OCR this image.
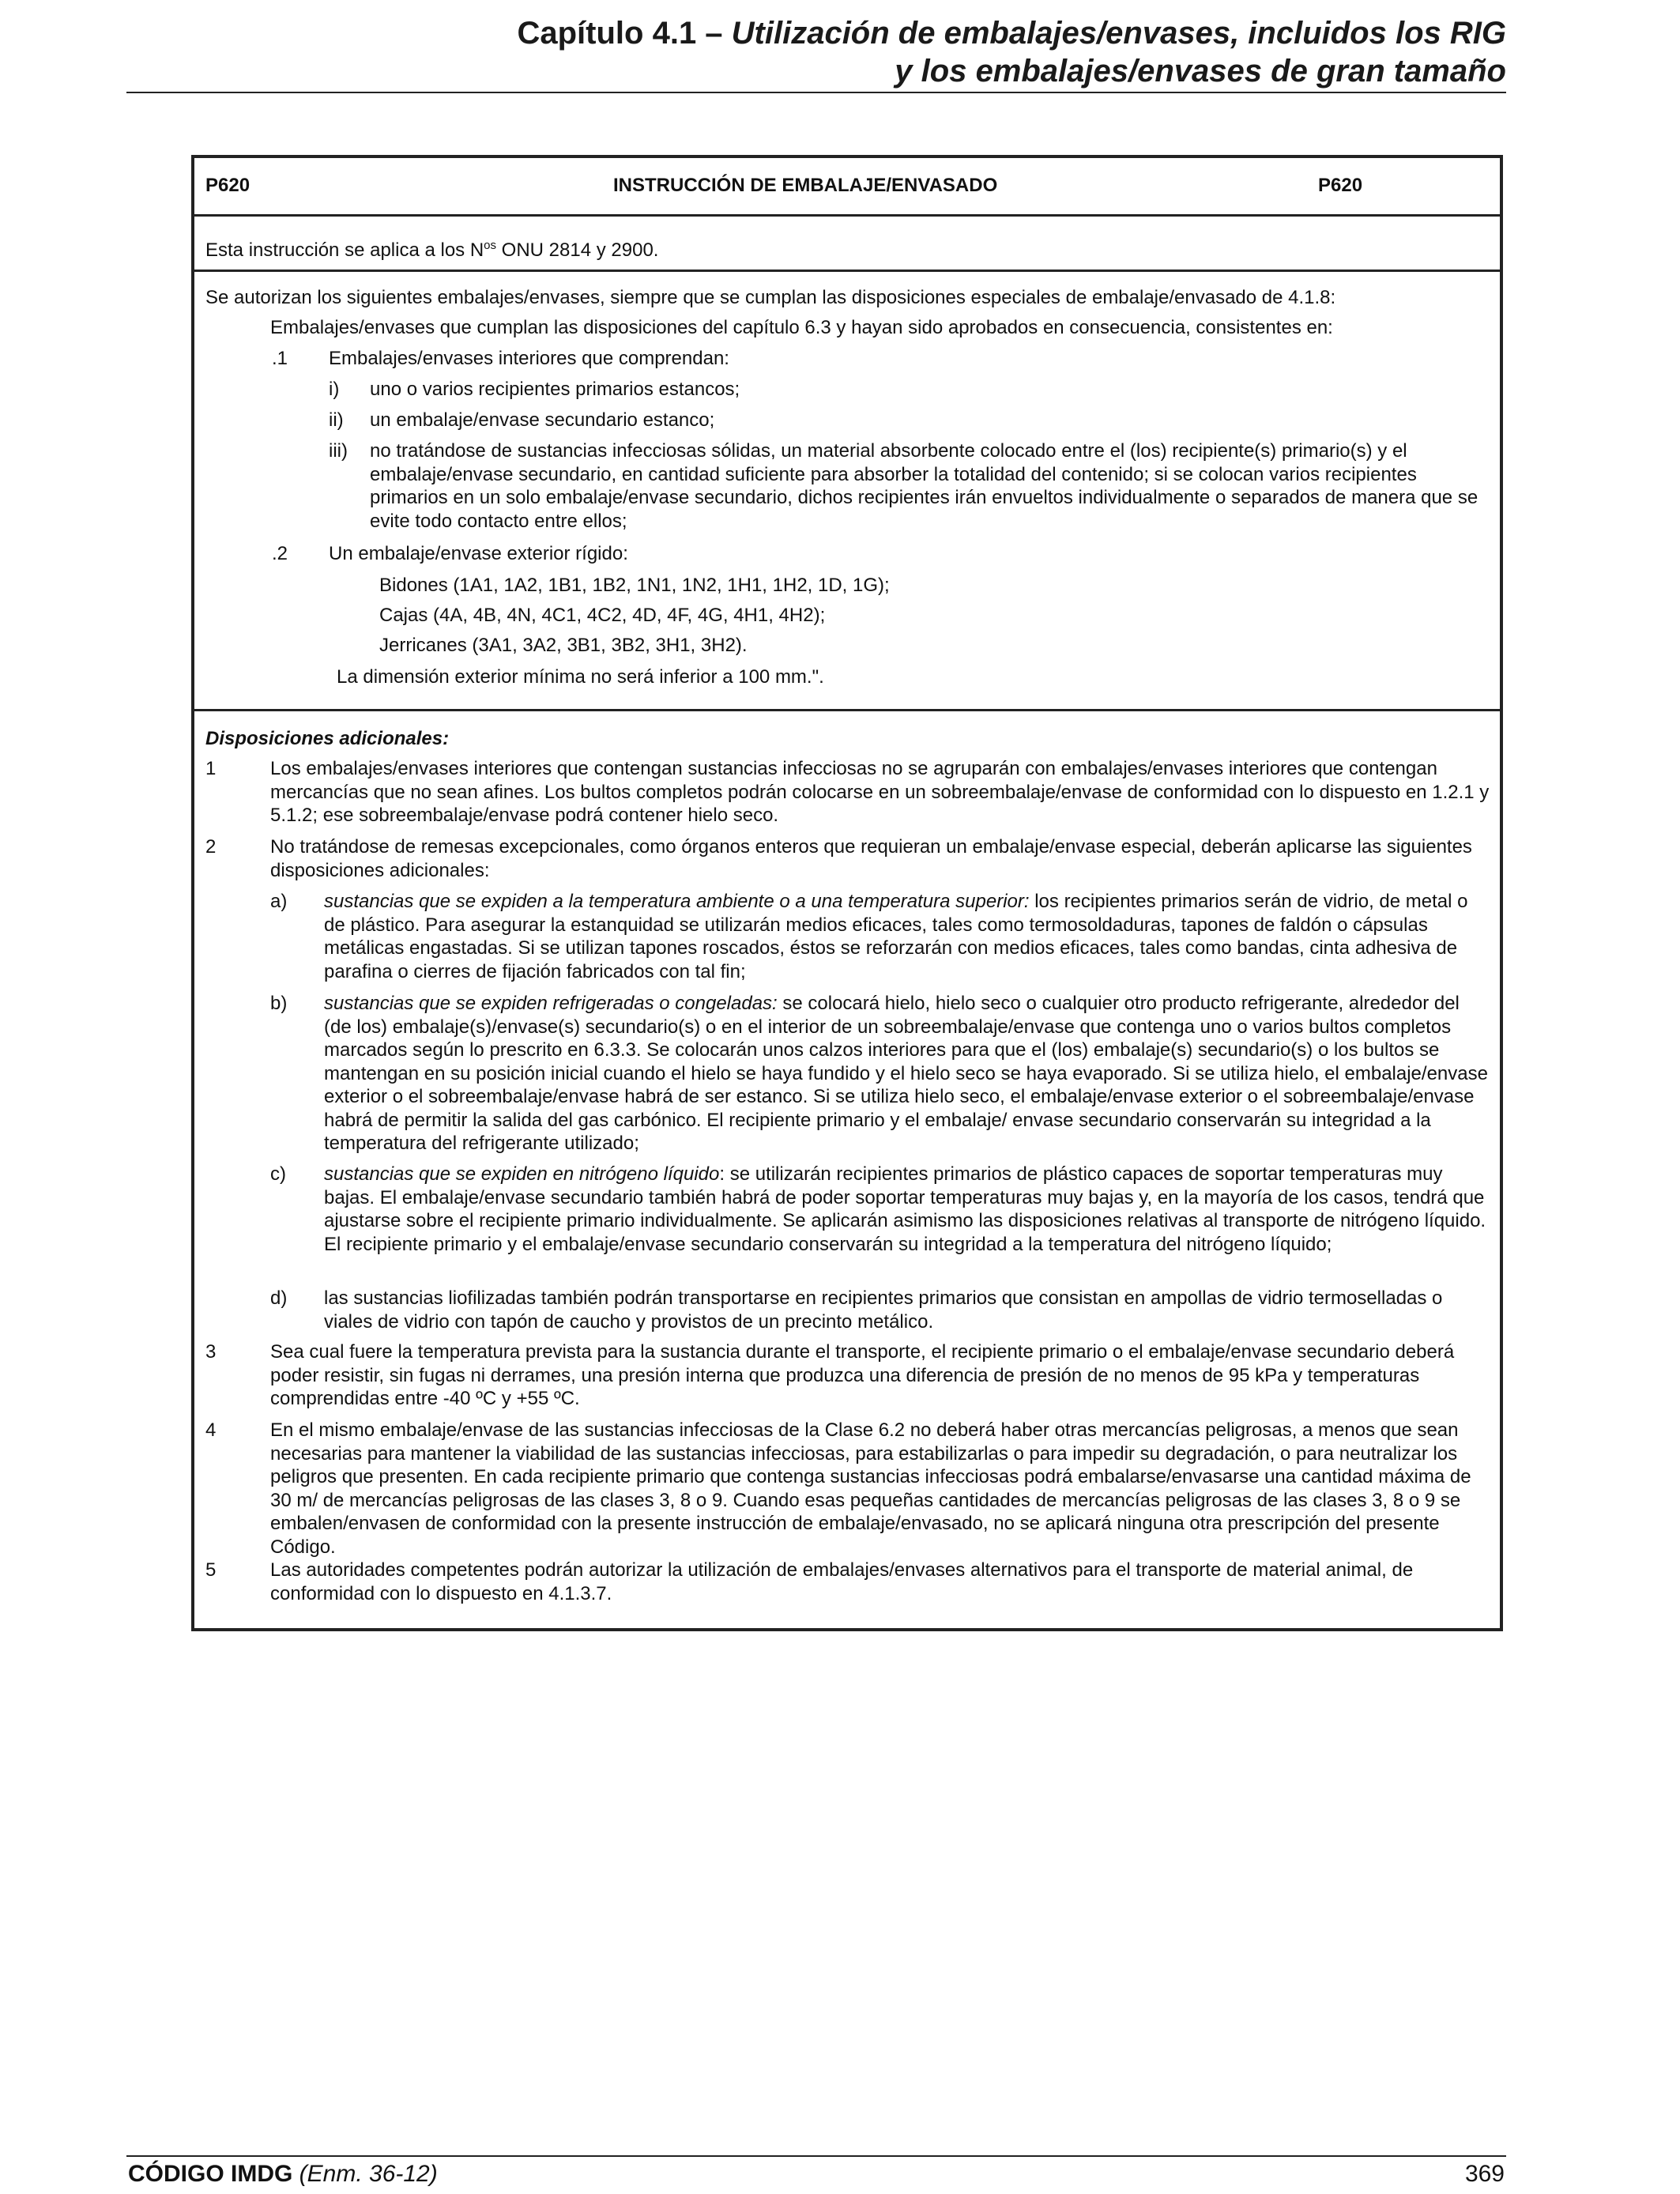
Capítulo 4.1 – Utilización de embalajes/envases, incluidos los RIG
y los embalajes/envases de gran tamaño
P620	INSTRUCCIÓN DE EMBALAJE/ENVASADO	P620
Esta instrucción se aplica a los $N^{os}$ ONU 2814 y 2900.
Se autorizan los siguientes embalajes/envases, siempre que se cumplan las disposiciones especiales de embalaje/envasado de 4.1.8:
Embalajes/envases que cumplan las disposiciones del capítulo 6.3 y hayan sido aprobados en consecuencia, consistentes en:
.1 Embalajes/envases interiores que comprendan:
i) uno o varios recipientes primarios estancos;
ii) un embalaje/envase secundario estanco;
iii) no tratándose de sustancias infecciosas sólidas, un material absorbente colocado entre el (los) recipiente(s) primario(s) y el embalaje/envase secundario, en cantidad suficiente para absorber la totalidad del contenido; si se colocan varios recipientes primarios en un solo embalaje/envase secundario, dichos recipientes irán envueltos individualmente o separados de manera que se evite todo contacto entre ellos;
.2 Un embalaje/envase exterior rígido:
Bidones (1A1, 1A2, 1B1, 1B2, 1N1, 1N2, 1H1, 1H2, 1D, 1G);
Cajas (4A, 4B, 4N, 4C1, 4C2, 4D, 4F, 4G, 4H1, 4H2);
Jerricanes (3A1, 3A2, 3B1, 3B2, 3H1, 3H2).
La dimensión exterior mínima no será inferior a 100 mm.".
Disposiciones adicionales:
1	Los embalajes/envases interiores que contengan sustancias infecciosas no se agruparán con embalajes/envases interiores que contengan mercancías que no sean afines. Los bultos completos podrán colocarse en un sobreembalaje/envase de conformidad con lo dispuesto en 1.2.1 y 5.1.2; ese sobreembalaje/envase podrá contener hielo seco.
2	No tratándose de remesas excepcionales, como órganos enteros que requieran un embalaje/envase especial, deberán aplicarse las siguientes disposiciones adicionales:
a) sustancias que se expiden a la temperatura ambiente o a una temperatura superior: los recipientes primarios serán de vidrio, de metal o de plástico. Para asegurar la estanquidad se utilizarán medios eficaces, tales como termosoldaduras, tapones de faldón o cápsulas metálicas engastadas. Si se utilizan tapones roscados, éstos se reforzarán con medios eficaces, tales como bandas, cinta adhesiva de parafina o cierres de fijación fabricados con tal fin;
b) sustancias que se expiden refrigeradas o congeladas: se colocará hielo, hielo seco o cualquier otro producto refrigerante, alrededor del (de los) embalaje(s)/envase(s) secundario(s) o en el interior de un sobreembalaje/envase que contenga uno o varios bultos completos marcados según lo prescrito en 6.3.3. Se colocarán unos calzos interiores para que el (los) embalaje(s) secundario(s) o los bultos se mantengan en su posición inicial cuando el hielo se haya fundido y el hielo seco se haya evaporado. Si se utiliza hielo, el embalaje/envase exterior o el sobreembalaje/envase habrá de ser estanco. Si se utiliza hielo seco, el embalaje/envase exterior o el sobreembalaje/envase habrá de permitir la salida del gas carbónico. El recipiente primario y el embalaje/ envase secundario conservarán su integridad a la temperatura del refrigerante utilizado;
c) sustancias que se expiden en nitrógeno líquido: se utilizarán recipientes primarios de plástico capaces de soportar temperaturas muy bajas. El embalaje/envase secundario también habrá de poder soportar temperaturas muy bajas y, en la mayoría de los casos, tendrá que ajustarse sobre el recipiente primario individualmente. Se aplicarán asimismo las disposiciones relativas al transporte de nitrógeno líquido. El recipiente primario y el embalaje/envase secundario conservarán su integridad a la temperatura del nitrógeno líquido;
d) las sustancias liofilizadas también podrán transportarse en recipientes primarios que consistan en ampollas de vidrio termoselladas o viales de vidrio con tapón de caucho y provistos de un precinto metálico.
3	Sea cual fuere la temperatura prevista para la sustancia durante el transporte, el recipiente primario o el embalaje/envase secundario deberá poder resistir, sin fugas ni derrames, una presión interna que produzca una diferencia de presión de no menos de 95 kPa y temperaturas comprendidas entre -40 ºC y +55 ºC.
4	En el mismo embalaje/envase de las sustancias infecciosas de la Clase 6.2 no deberá haber otras mercancías peligrosas, a menos que sean necesarias para mantener la viabilidad de las sustancias infecciosas, para estabilizarlas o para impedir su degradación, o para neutralizar los peligros que presenten. En cada recipiente primario que contenga sustancias infecciosas podrá embalarse/envasarse una cantidad máxima de 30 m/ de mercancías peligrosas de las clases 3, 8 o 9. Cuando esas pequeñas cantidades de mercancías peligrosas de las clases 3, 8 o 9 se embalen/envasen de conformidad con la presente instrucción de embalaje/envasado, no se aplicará ninguna otra prescripción del presente Código.
5	Las autoridades competentes podrán autorizar la utilización de embalajes/envases alternativos para el transporte de material animal, de conformidad con lo dispuesto en 4.1.3.7.
CÓDIGO IMDG (Enm. 36-12)	369
